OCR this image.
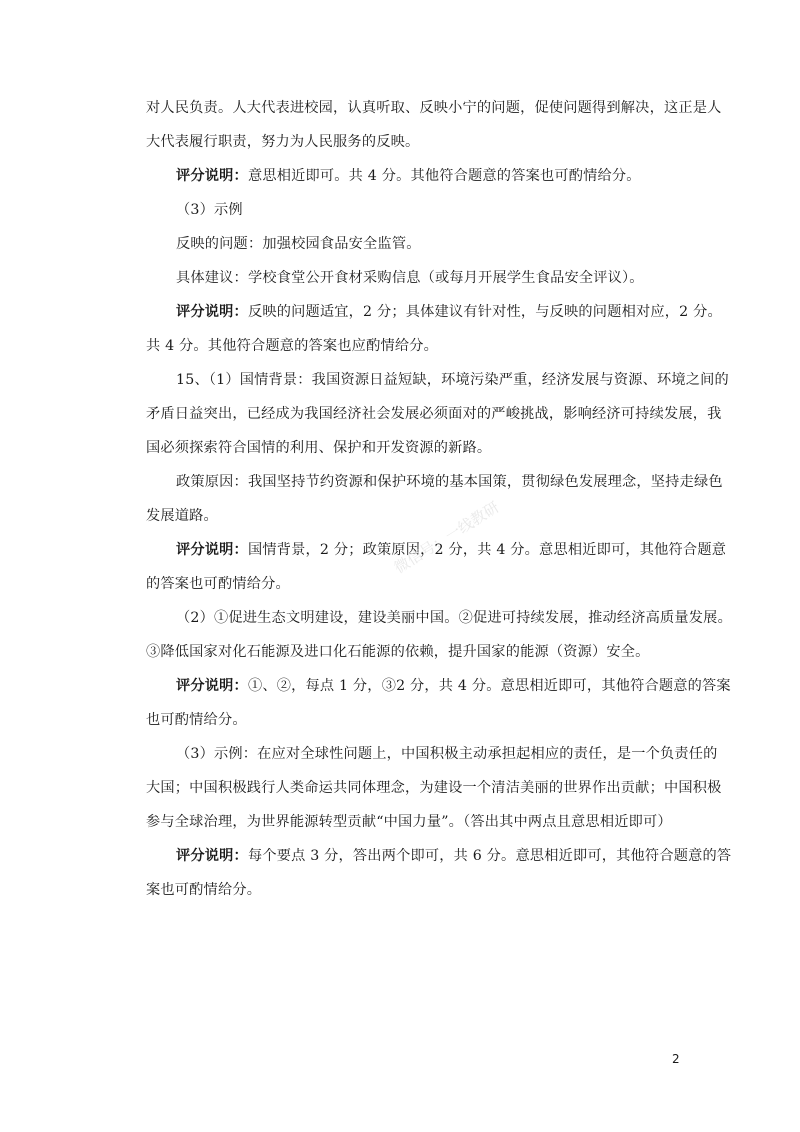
对人民负责。人大代表进校园，认真听取、反映小宁的问题，促使问题得到解决，这正是人
大代表履行职责，努力为人民服务的反映。
评分说明：意思相近即可。共 4 分。其他符合题意的答案也可酌情给分。
（3）示例
反映的问题：加强校园食品安全监管。
具体建议：学校食堂公开食材采购信息（或每月开展学生食品安全评议）。
评分说明：反映的问题适宜，2 分；具体建议有针对性，与反映的问题相对应，2 分。
共 4 分。其他符合题意的答案也应酌情给分。
15、（1）国情背景：我国资源日益短缺，环境污染严重，经济发展与资源、环境之间的
矛盾日益突出，已经成为我国经济社会发展必须面对的严峻挑战，影响经济可持续发展，我
国必须探索符合国情的利用、保护和开发资源的新路。
政策原因：我国坚持节约资源和保护环境的基本国策，贯彻绿色发展理念，坚持走绿色
发展道路。
评分说明：国情背景，2 分；政策原因，2 分，共 4 分。意思相近即可，其他符合题意
的答案也可酌情给分。
（2）①促进生态文明建设，建设美丽中国。②促进可持续发展，推动经济高质量发展。
③降低国家对化石能源及进口化石能源的依赖，提升国家的能源（资源）安全。
评分说明：①、②，每点 1 分，③2 分，共 4 分。意思相近即可，其他符合题意的答案
也可酌情给分。
（3）示例：在应对全球性问题上，中国积极主动承担起相应的责任，是一个负责任的
大国；中国积极践行人类命运共同体理念，为建设一个清洁美丽的世界作出贡献；中国积极
参与全球治理，为世界能源转型贡献“中国力量”。（答出其中两点且意思相近即可）
评分说明：每个要点 3 分，答出两个即可，共 6 分。意思相近即可，其他符合题意的答
案也可酌情给分。
微信号：一线教研
2
